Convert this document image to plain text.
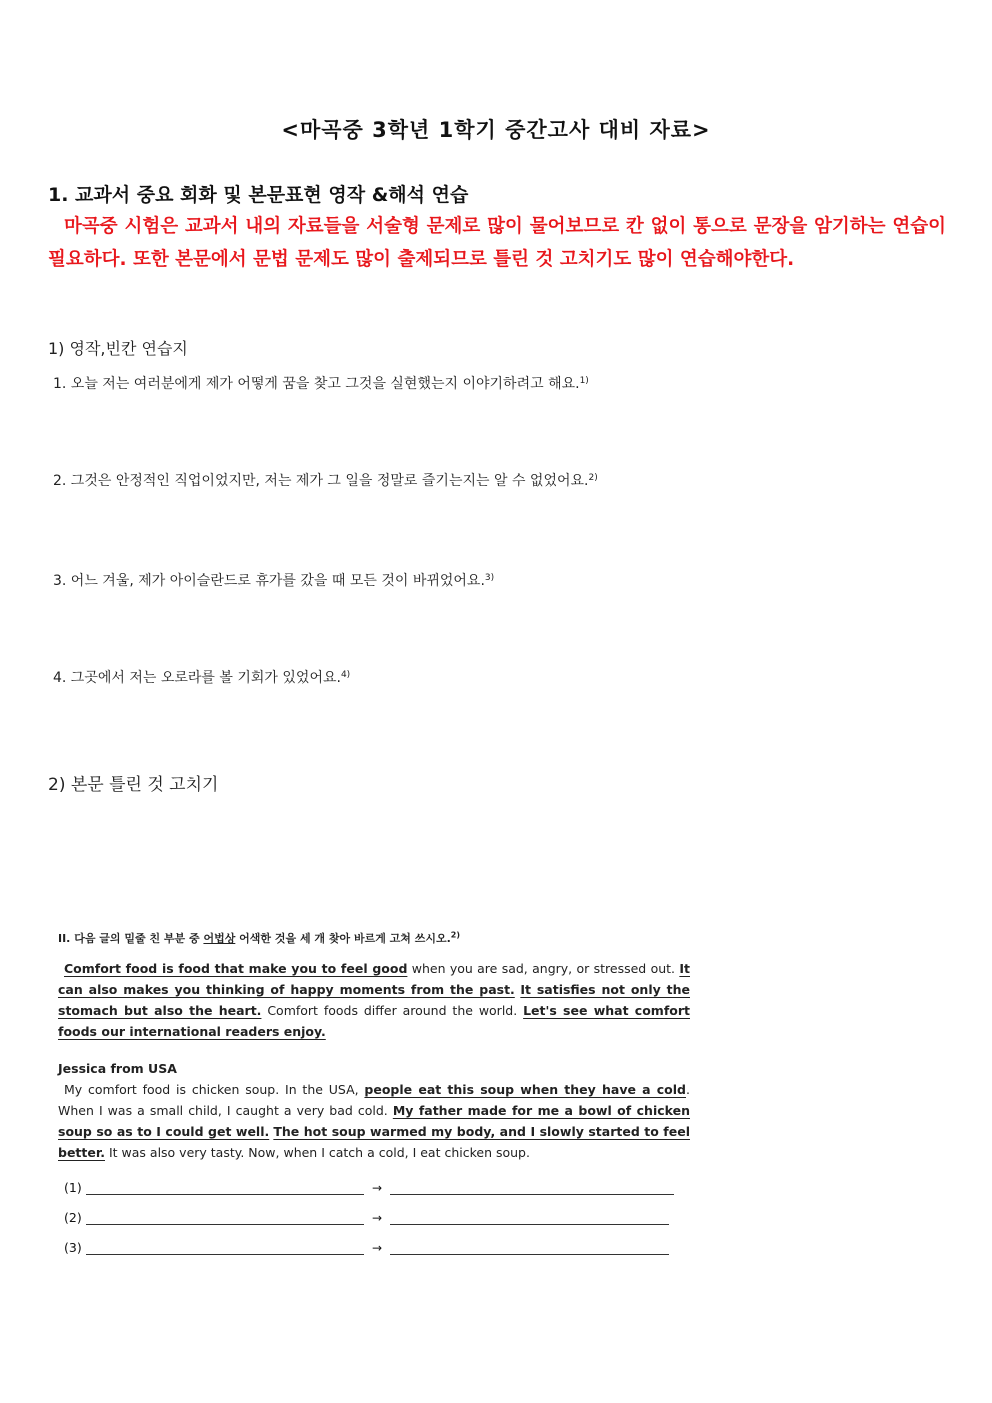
<마곡중 3학년 1학기 중간고사 대비 자료>
1. 교과서 중요 회화 및 본문표현 영작 &해석 연습
마곡중 시험은 교과서 내의 자료들을 서술형 문제로 많이 물어보므로 칸 없이 통으로 문장을 암기하는 연습이 필요하다. 또한 본문에서 문법 문제도 많이 출제되므로 틀린 것 고치기도 많이 연습해야한다.
1) 영작,빈칸 연습지
1. 오늘 저는 여러분에게 제가 어떻게 꿈을 찾고 그것을 실현했는지 이야기하려고 해요.$^{1)}$
2. 그것은 안정적인 직업이었지만, 저는 제가 그 일을 정말로 즐기는지는 알 수 없었어요.$^{2)}$
3. 어느 겨울, 제가 아이슬란드로 휴가를 갔을 때 모든 것이 바뀌었어요.$^{3)}$
4. 그곳에서 저는 오로라를 볼 기회가 있었어요.$^{4)}$
2) 본문 틀린 것 고치기
II. 다음 글의 밑줄 친 부분 중 어법상 어색한 것을 세 개 찾아 바르게 고쳐 쓰시오.$^{2)}$

Comfort food is food that make you to feel good when you are sad, angry, or stressed out. It can also makes you thinking of happy moments from the past. It satisfies not only the stomach but also the heart. Comfort foods differ around the world. Let's see what comfort foods our international readers enjoy.

Jessica from USA

My comfort food is chicken soup. In the USA, people eat this soup when they have a cold. When I was a small child, I caught a very bad cold. My father made for me a bowl of chicken soup so as to I could get well. The hot soup warmed my body, and I slowly started to feel better. It was also very tasty. Now, when I catch a cold, I eat chicken soup.

(1)	→
(2)	→
(3)	→
